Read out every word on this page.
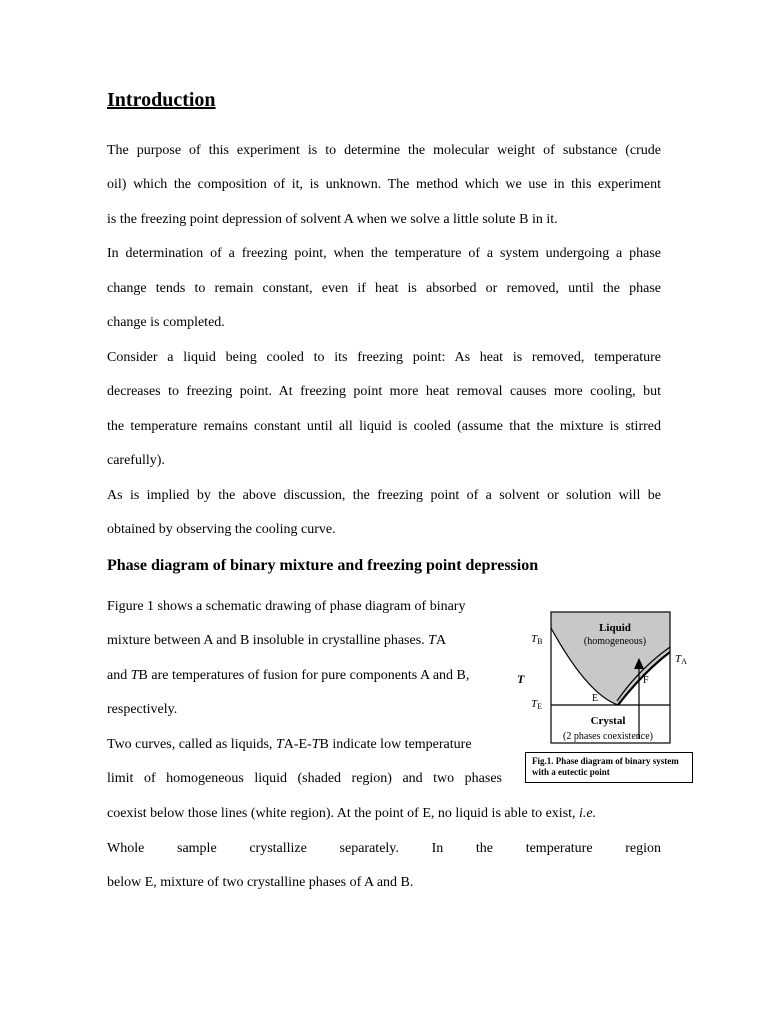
Introduction

The purpose of this experiment is to determine the molecular weight of substance (crude

oil) which the composition of it, is unknown. The method which we use in this experiment

is the freezing point depression of solvent A when we solve a little solute B in it.

In determination of a freezing point, when the temperature of a system undergoing a phase

change tends to remain constant, even if heat is absorbed or removed, until the phase

change is completed.

Consider a liquid being cooled to its freezing point: As heat is removed, temperature

decreases to freezing point. At freezing point more heat removal causes more cooling, but

the temperature remains constant until all liquid is cooled (assume that the mixture is stirred

carefully).

As is implied by the above discussion, the freezing point of a solvent or solution will be

obtained by observing the cooling curve.

Phase diagram of binary mixture and freezing point depression

Figure 1 shows a schematic drawing of phase diagram of binary

mixture between A and B insoluble in crystalline phases. TA

and TB are temperatures of fusion for pure components A and B,

respectively.

Two curves, called as liquids, TA-E-TB indicate low temperature

limit of homogeneous liquid (shaded region) and two phases

coexist below those lines (white region). At the point of E, no liquid is able to exist, i.e.

Whole sample crystallize separately. In the temperature region

below E, mixture of two crystalline phases of A and B.

Liquid
(homogeneous)
Crystal
(2 phases coexistence)
TB
TA
TE
T
E
F
Fig.1. Phase diagram of binary system with a eutectic point
